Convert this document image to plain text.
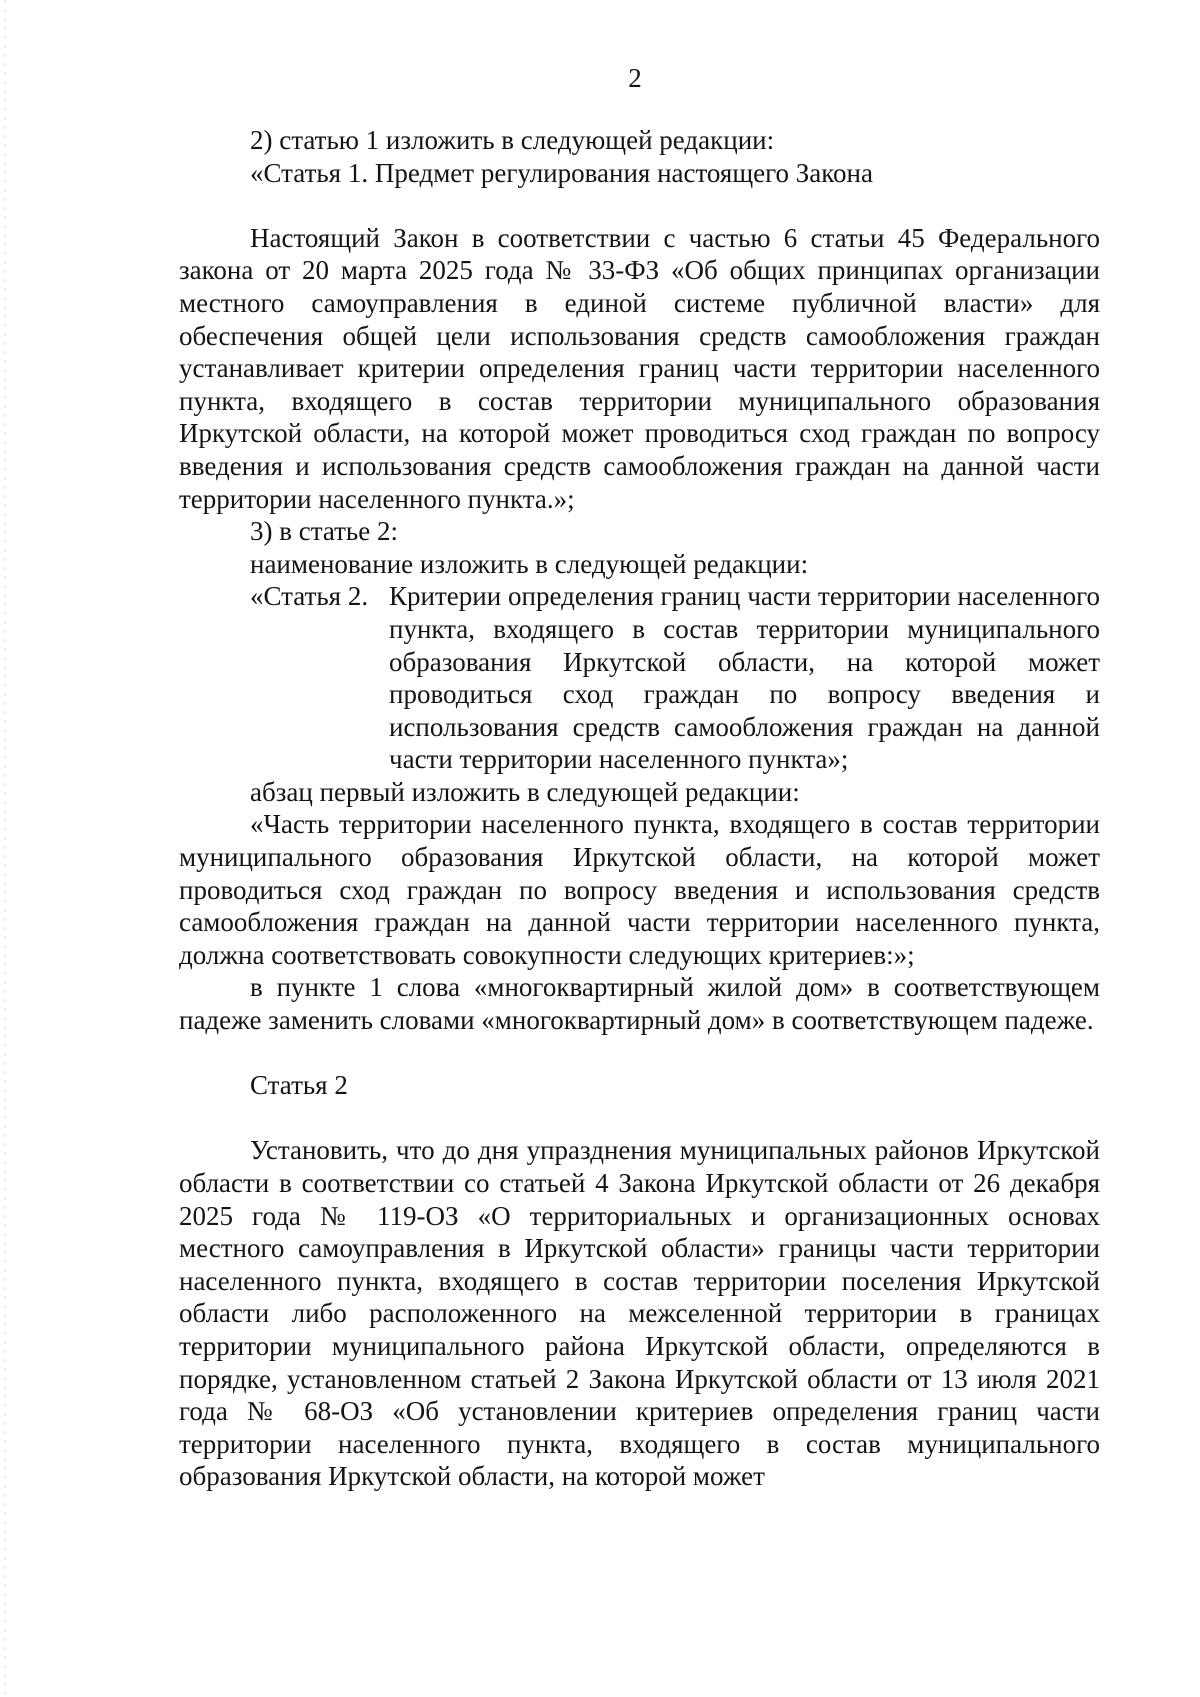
2

2) статью 1 изложить в следующей редакции:

«Статья 1. Предмет регулирования настоящего Закона

Настоящий Закон в соответствии с частью 6 статьи 45 Федерального закона от 20 марта 2025 года № 33-ФЗ «Об общих принципах организации местного самоуправления в единой системе публичной власти» для обеспечения общей цели использования средств самообложения граждан устанавливает критерии определения границ части территории населенного пункта, входящего в состав территории муниципального образования Иркутской области, на которой может проводиться сход граждан по вопросу введения и использования средств самообложения граждан на данной части территории населенного пункта.»;

3) в статье 2:

наименование изложить в следующей редакции:

«Статья 2. Критерии определения границ части территории населенного пункта, входящего в состав территории муниципального образования Иркутской области, на которой может проводиться сход граждан по вопросу введения и использования средств самообложения граждан на данной части территории населенного пункта»;

абзац первый изложить в следующей редакции:

«Часть территории населенного пункта, входящего в состав территории муниципального образования Иркутской области, на которой может проводиться сход граждан по вопросу введения и использования средств самообложения граждан на данной части территории населенного пункта, должна соответствовать совокупности следующих критериев:»;

в пункте 1 слова «многоквартирный жилой дом» в соответствующем падеже заменить словами «многоквартирный дом» в соответствующем падеже.

Статья 2

Установить, что до дня упразднения муниципальных районов Иркутской области в соответствии со статьей 4 Закона Иркутской области от 26 декабря 2025 года № 119-ОЗ «О территориальных и организационных основах местного самоуправления в Иркутской области» границы части территории населенного пункта, входящего в состав территории поселения Иркутской области либо расположенного на межселенной территории в границах территории муниципального района Иркутской области, определяются в порядке, установленном статьей 2 Закона Иркутской области от 13 июля 2021 года № 68-ОЗ «Об установлении критериев определения границ части территории населенного пункта, входящего в состав муниципального образования Иркутской области, на которой может
